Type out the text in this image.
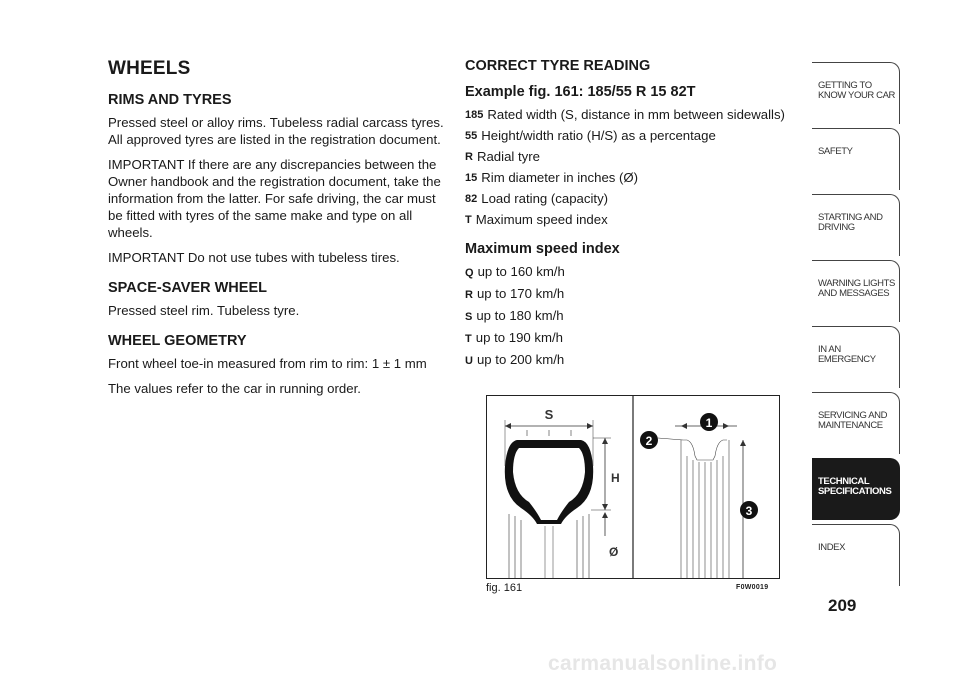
WHEELS
RIMS AND TYRES

Pressed steel or alloy rims. Tubeless radial carcass tyres. All approved tyres are listed in the registration document.

IMPORTANT If there are any discrepancies between the Owner handbook and the registration document, take the information from the latter. For safe driving, the car must be fitted with tyres of the same make and type on all wheels.

IMPORTANT Do not use tubes with tubeless tires.

SPACE-SAVER WHEEL

Pressed steel rim. Tubeless tyre.

WHEEL GEOMETRY

Front wheel toe-in measured from rim to rim: 1 ± 1 mm

The values refer to the car in running order.

CORRECT TYRE READING
Example fig. 161: 185/55 R 15 82T
185 Rated width (S, distance in mm between sidewalls)
55 Height/width ratio (H/S) as a percentage
R Radial tyre
15 Rim diameter in inches (Ø)
82 Load rating (capacity)
T Maximum speed index
Maximum speed index
Q up to 160 km/h
R up to 170 km/h
S up to 180 km/h
T up to 190 km/h
U up to 200 km/h
S
H
Ø
1
2
3
fig. 161	F0W0019
GETTING TO KNOW YOUR CAR
SAFETY
STARTING AND DRIVING
WARNING LIGHTS AND MESSAGES
IN AN EMERGENCY
SERVICING AND MAINTENANCE
TECHNICAL SPECIFICATIONS
INDEX
209
carmanualsonline.info
